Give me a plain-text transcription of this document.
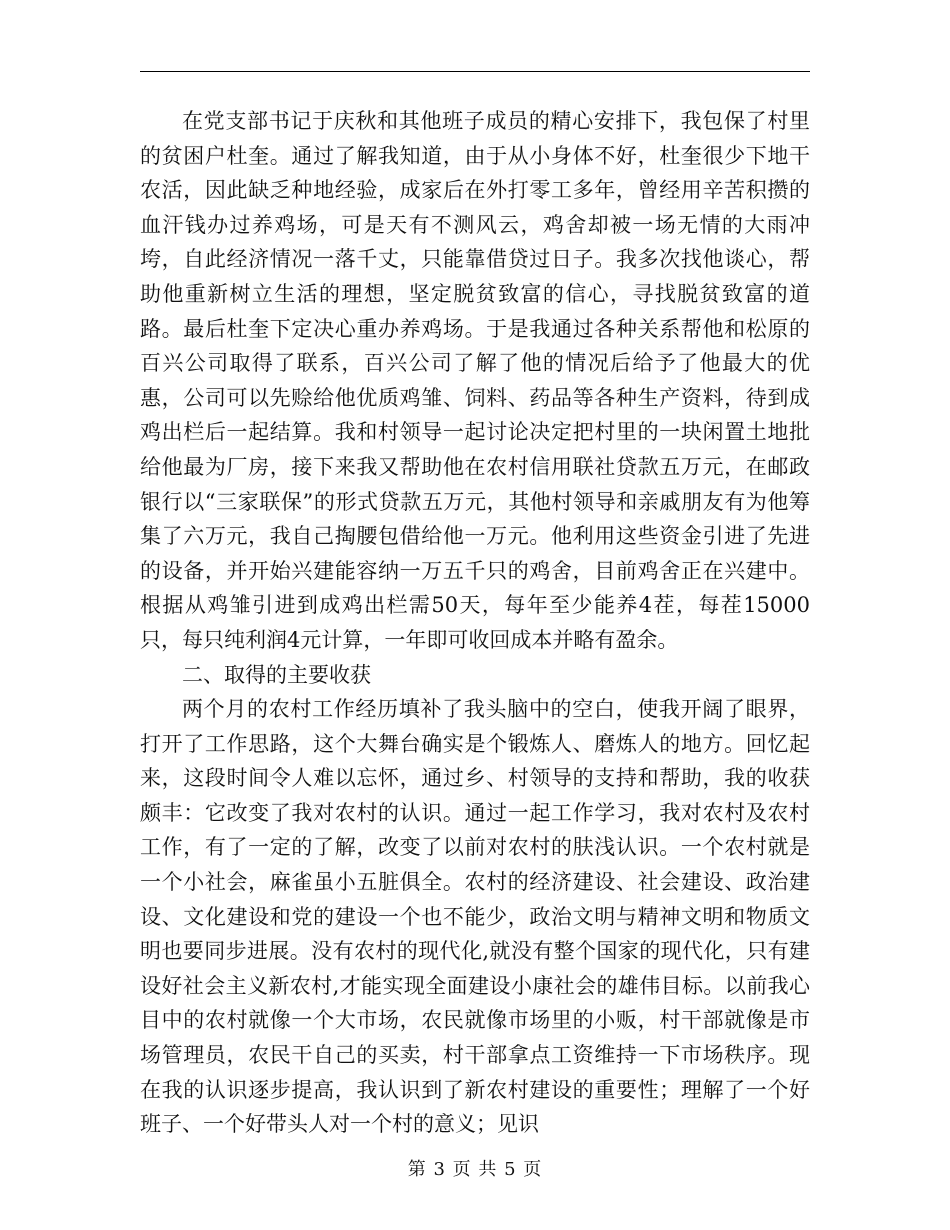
在党支部书记于庆秋和其他班子成员的精心安排下，我包保了村里的贫困户杜奎。通过了解我知道，由于从小身体不好，杜奎很少下地干农活，因此缺乏种地经验，成家后在外打零工多年，曾经用辛苦积攒的血汗钱办过养鸡场，可是天有不测风云，鸡舍却被一场无情的大雨冲垮，自此经济情况一落千丈，只能靠借贷过日子。我多次找他谈心，帮助他重新树立生活的理想，坚定脱贫致富的信心，寻找脱贫致富的道路。最后杜奎下定决心重办养鸡场。于是我通过各种关系帮他和松原的百兴公司取得了联系，百兴公司了解了他的情况后给予了他最大的优惠，公司可以先赊给他优质鸡雏、饲料、药品等各种生产资料，待到成鸡出栏后一起结算。我和村领导一起讨论决定把村里的一块闲置土地批给他最为厂房，接下来我又帮助他在农村信用联社贷款五万元，在邮政银行以“三家联保”的形式贷款五万元，其他村领导和亲戚朋友有为他筹集了六万元，我自己掏腰包借给他一万元。他利用这些资金引进了先进的设备，并开始兴建能容纳一万五千只的鸡舍，目前鸡舍正在兴建中。根据从鸡雏引进到成鸡出栏需50天，每年至少能养4茬，每茬15000只，每只纯利润4元计算，一年即可收回成本并略有盈余。

二、取得的主要收获

两个月的农村工作经历填补了我头脑中的空白，使我开阔了眼界，打开了工作思路，这个大舞台确实是个锻炼人、磨炼人的地方。回忆起来，这段时间令人难以忘怀，通过乡、村领导的支持和帮助，我的收获颇丰：它改变了我对农村的认识。通过一起工作学习，我对农村及农村工作，有了一定的了解，改变了以前对农村的肤浅认识。一个农村就是一个小社会，麻雀虽小五脏俱全。农村的经济建设、社会建设、政治建设、文化建设和党的建设一个也不能少，政治文明与精神文明和物质文明也要同步进展。没有农村的现代化,就没有整个国家的现代化，只有建设好社会主义新农村,才能实现全面建设小康社会的雄伟目标。以前我心目中的农村就像一个大市场，农民就像市场里的小贩，村干部就像是市场管理员，农民干自己的买卖，村干部拿点工资维持一下市场秩序。现在我的认识逐步提高，我认识到了新农村建设的重要性；理解了一个好班子、一个好带头人对一个村的意义；见识

第 3 页 共 5 页
